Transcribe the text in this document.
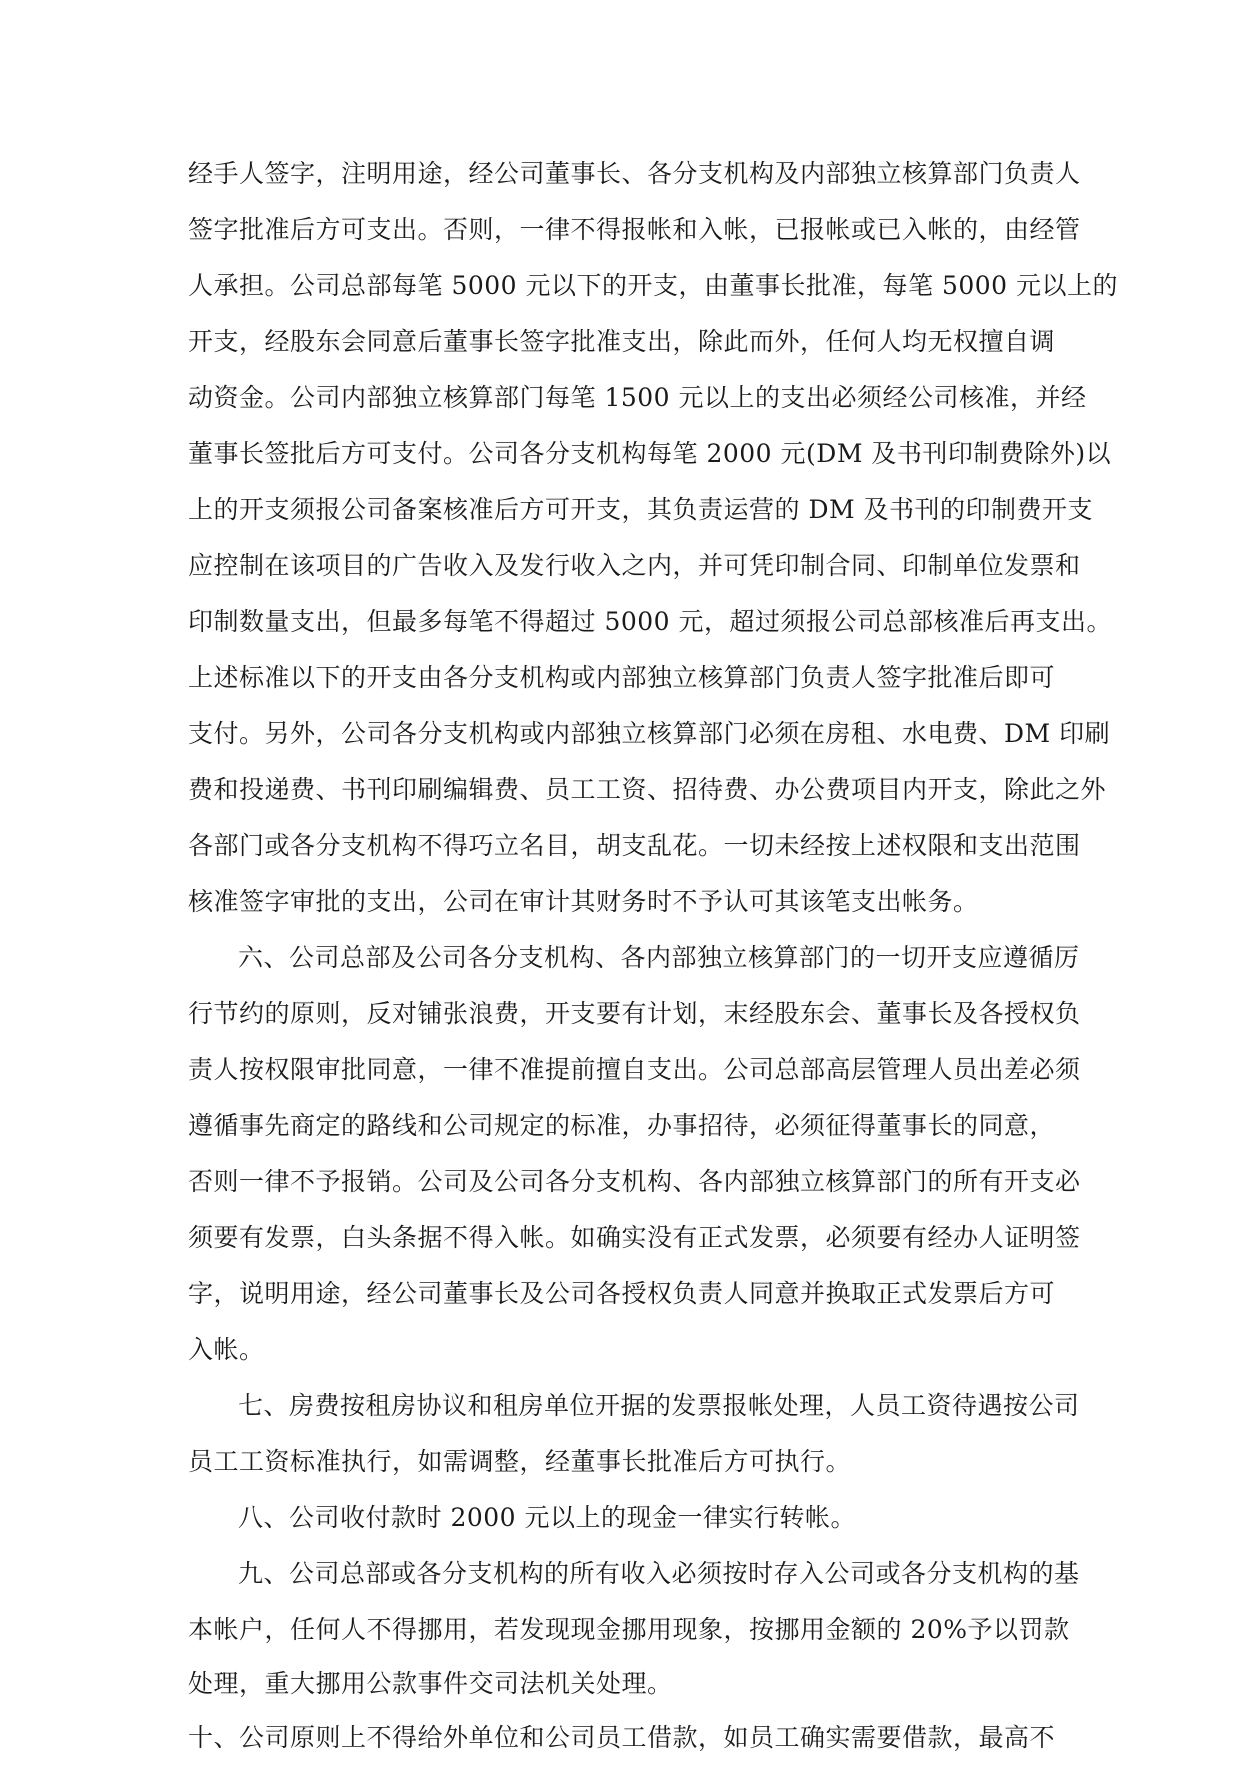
经手人签字，注明用途，经公司董事长、各分支机构及内部独立核算部门负责人
签字批准后方可支出。否则，一律不得报帐和入帐，已报帐或已入帐的，由经管
人承担。公司总部每笔 5000 元以下的开支，由董事长批准，每笔 5000 元以上的
开支，经股东会同意后董事长签字批准支出，除此而外，任何人均无权擅自调
动资金。公司内部独立核算部门每笔 1500 元以上的支出必须经公司核准，并经
董事长签批后方可支付。公司各分支机构每笔 2000 元(DM 及书刊印制费除外)以
上的开支须报公司备案核准后方可开支，其负责运营的 DM 及书刊的印制费开支
应控制在该项目的广告收入及发行收入之内，并可凭印制合同、印制单位发票和
印制数量支出，但最多每笔不得超过 5000 元，超过须报公司总部核准后再支出。
上述标准以下的开支由各分支机构或内部独立核算部门负责人签字批准后即可
支付。另外，公司各分支机构或内部独立核算部门必须在房租、水电费、DM 印刷
费和投递费、书刊印刷编辑费、员工工资、招待费、办公费项目内开支，除此之外
各部门或各分支机构不得巧立名目，胡支乱花。一切未经按上述权限和支出范围
核准签字审批的支出，公司在审计其财务时不予认可其该笔支出帐务。
六、公司总部及公司各分支机构、各内部独立核算部门的一切开支应遵循厉
行节约的原则，反对铺张浪费，开支要有计划，末经股东会、董事长及各授权负
责人按权限审批同意，一律不准提前擅自支出。公司总部高层管理人员出差必须
遵循事先商定的路线和公司规定的标准，办事招待，必须征得董事长的同意，
否则一律不予报销。公司及公司各分支机构、各内部独立核算部门的所有开支必
须要有发票，白头条据不得入帐。如确实没有正式发票，必须要有经办人证明签
字，说明用途，经公司董事长及公司各授权负责人同意并换取正式发票后方可
入帐。
七、房费按租房协议和租房单位开据的发票报帐处理，人员工资待遇按公司
员工工资标准执行，如需调整，经董事长批准后方可执行。
八、公司收付款时 2000 元以上的现金一律实行转帐。
九、公司总部或各分支机构的所有收入必须按时存入公司或各分支机构的基
本帐户，任何人不得挪用，若发现现金挪用现象，按挪用金额的 20%予以罚款
处理，重大挪用公款事件交司法机关处理。
十、公司原则上不得给外单位和公司员工借款，如员工确实需要借款，最高不
